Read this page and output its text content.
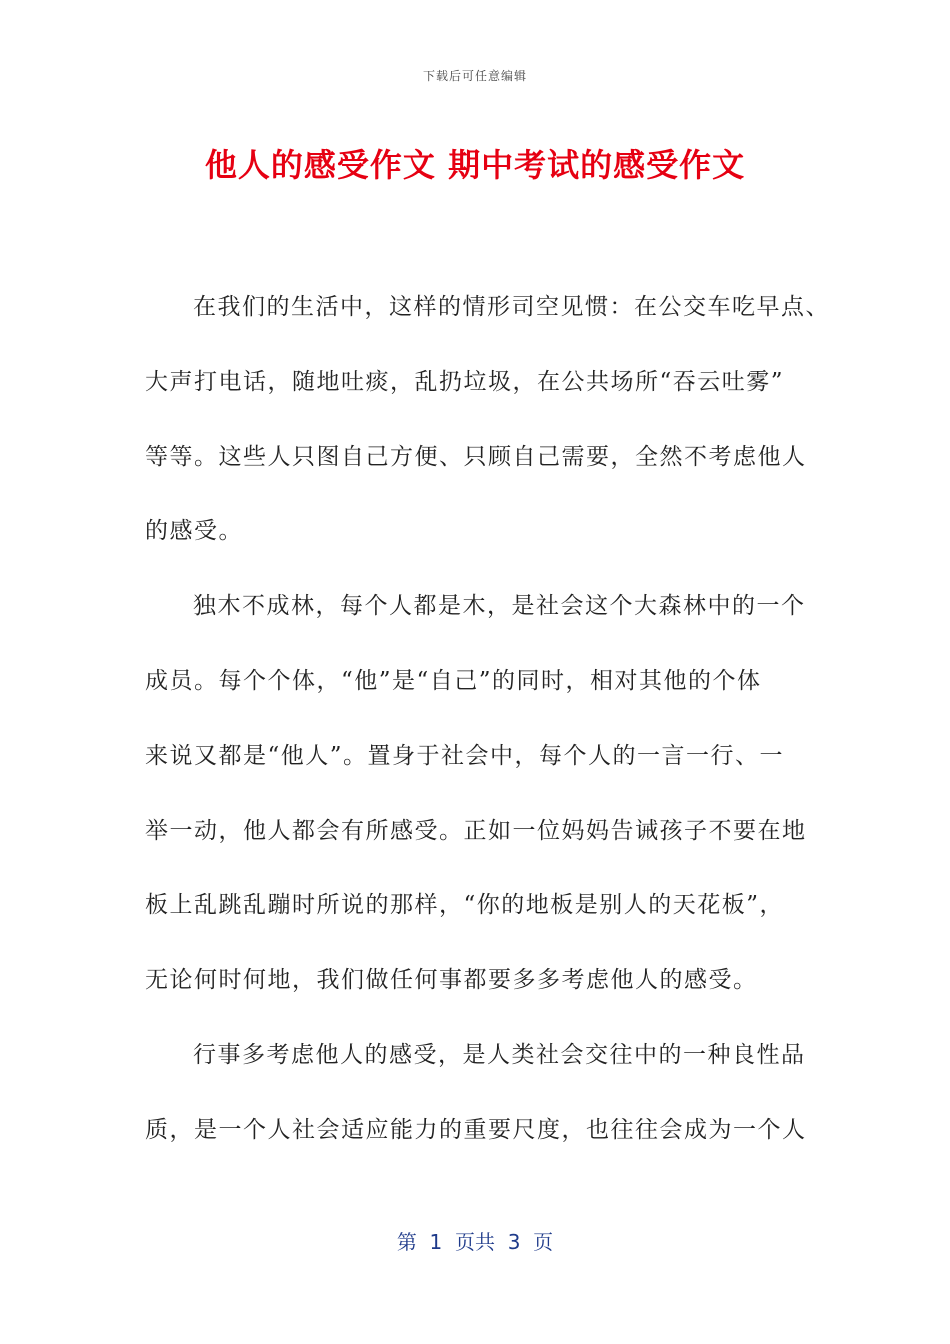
下载后可任意编辑
他人的感受作文 期中考试的感受作文
在我们的生活中，这样的情形司空见惯：在公交车吃早点、
大声打电话，随地吐痰，乱扔垃圾，在公共场所“吞云吐雾”
等等。这些人只图自己方便、只顾自己需要，全然不考虑他人
的感受。
独木不成林，每个人都是木，是社会这个大森林中的一个
成员。每个个体，“他”是“自己”的同时，相对其他的个体
来说又都是“他人”。置身于社会中，每个人的一言一行、一
举一动，他人都会有所感受。正如一位妈妈告诫孩子不要在地
板上乱跳乱蹦时所说的那样，“你的地板是别人的天花板”，
无论何时何地，我们做任何事都要多多考虑他人的感受。
行事多考虑他人的感受，是人类社会交往中的一种良性品
质，是一个人社会适应能力的重要尺度，也往往会成为一个人
第  1  页共  3  页
